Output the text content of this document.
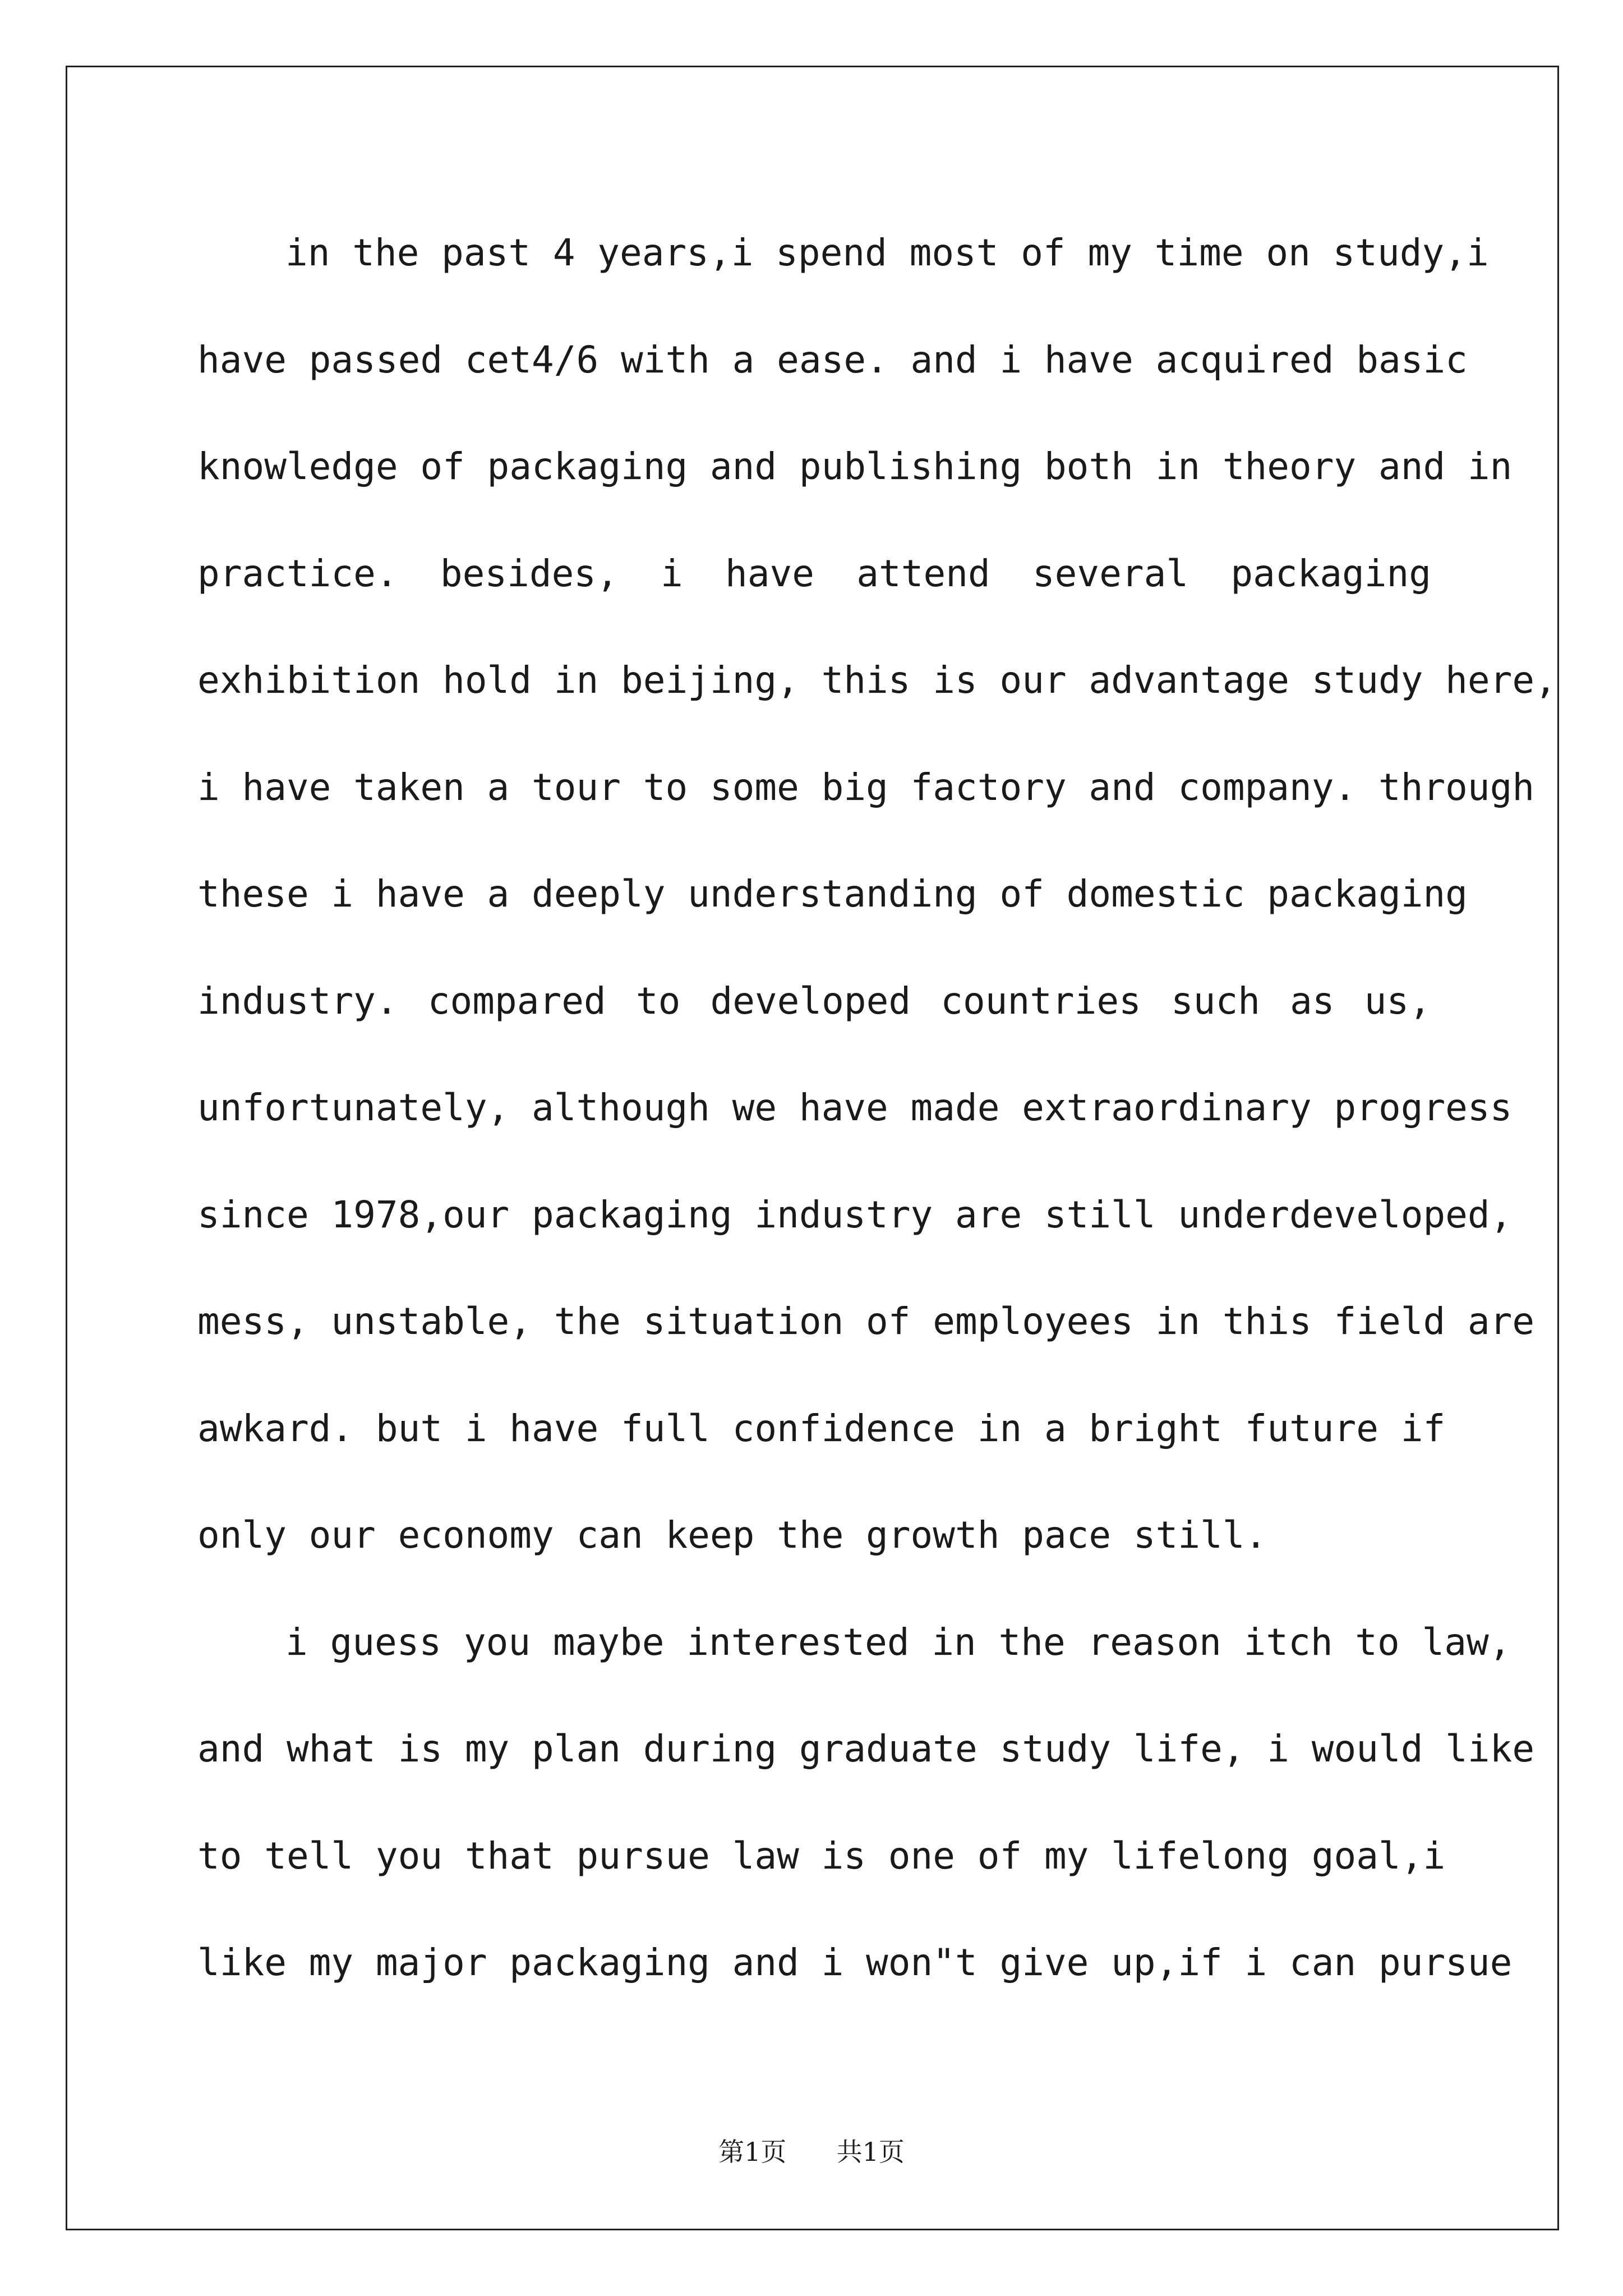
in the past 4 years,i spend most of my time on study,i
have passed cet4/6 with a ease. and i have acquired basic
knowledge of packaging and publishing both in theory and in
practice. besides, i have attend several packaging
exhibition hold in beijing, this is our advantage study here,
i have taken a tour to some big factory and company. through
these i have a deeply understanding of domestic packaging
industry. compared to developed countries such as us,
unfortunately, although we have made extraordinary progress
since 1978,our packaging industry are still underdeveloped,
mess, unstable, the situation of employees in this field are
awkard. but i have full confidence in a bright future if
only our economy can keep the growth pace still.
i guess you maybe interested in the reason itch to law,
and what is my plan during graduate study life, i would like
to tell you that pursue law is one of my lifelong goal,i
like my major packaging and i won"t give up,if i can pursue
第1页 共1页
